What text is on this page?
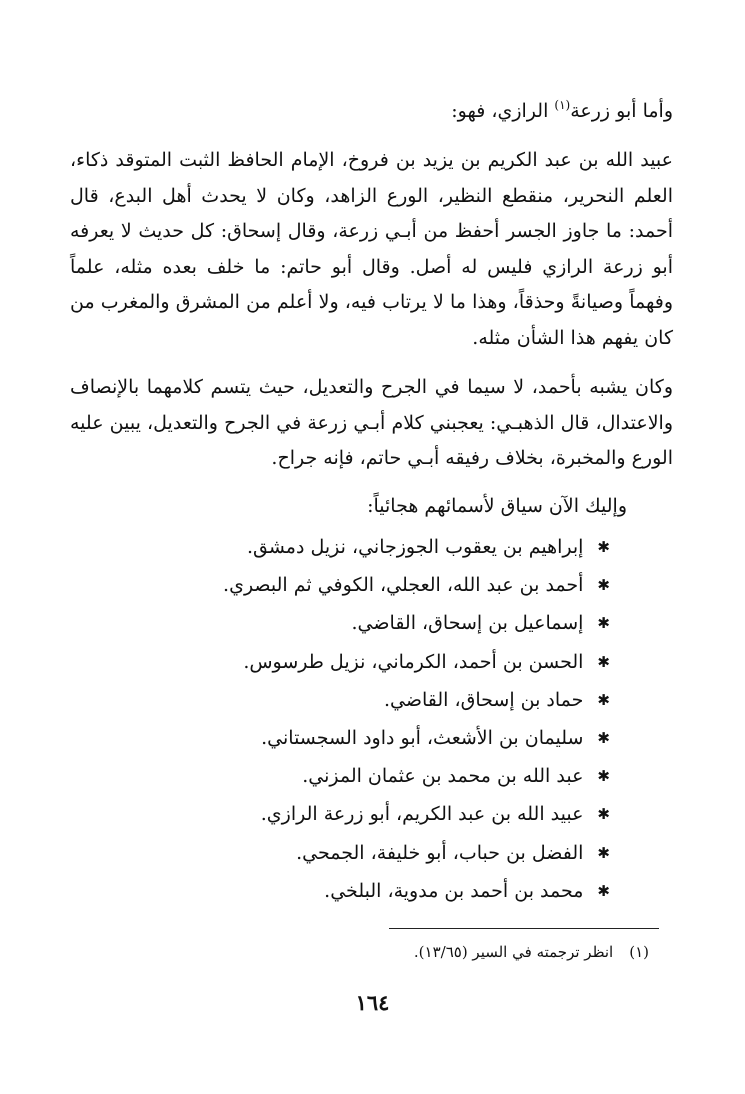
وأما أبو زرعة$^{(١)}$ الرازي، فهو:
عبيد الله بن عبد الكريم بن يزيد بن فروخ، الإمام الحافظ الثبت المتوقد ذكاء، العلم النحرير، منقطع النظير، الورع الزاهد، وكان لا يحدث أهل البدع، قال أحمد: ما جاوز الجسر أحفظ من أبـي زرعة، وقال إسحاق: كل حديث لا يعرفه أبو زرعة الرازي فليس له أصل. وقال أبو حاتم: ما خلف بعده مثله، علماً وفهماً وصيانةً وحذقاً، وهذا ما لا يرتاب فيه، ولا أعلم من المشرق والمغرب من كان يفهم هذا الشأن مثله.
وكان يشبه بأحمد، لا سيما في الجرح والتعديل، حيث يتسم كلامهما بالإنصاف والاعتدال، قال الذهبـي: يعجبني كلام أبـي زرعة في الجرح والتعديل، يبين عليه الورع والمخبرة، بخلاف رفيقه أبـي حاتم، فإنه جراح.
وإليك الآن سياق لأسمائهم هجائياً:
✱إبراهيم بن يعقوب الجوزجاني، نزيل دمشق.
✱أحمد بن عبد الله، العجلي، الكوفي ثم البصري.
✱إسماعيل بن إسحاق، القاضي.
✱الحسن بن أحمد، الكرماني، نزيل طرسوس.
✱حماد بن إسحاق، القاضي.
✱سليمان بن الأشعث، أبو داود السجستاني.
✱عبد الله بن محمد بن عثمان المزني.
✱عبيد الله بن عبد الكريم، أبو زرعة الرازي.
✱الفضل بن حباب، أبو خليفة، الجمحي.
✱محمد بن أحمد بن مدوية، البلخي.
(١)انظر ترجمته في السير (١٣/٦٥).
١٦٤
